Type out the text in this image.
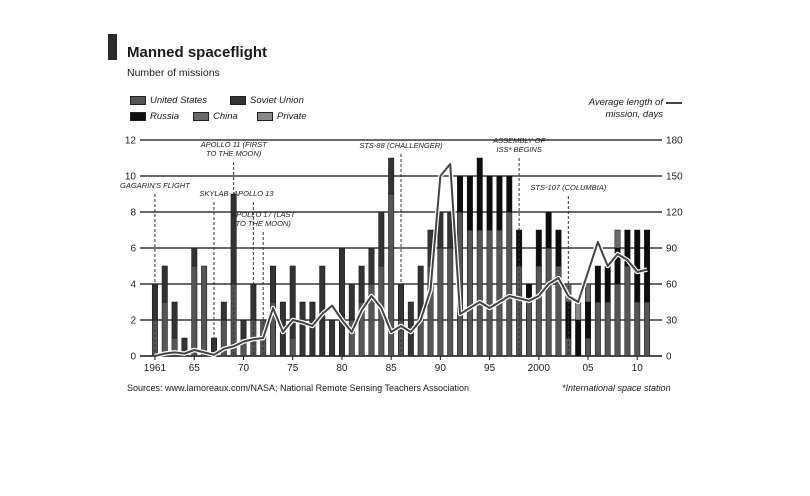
Manned spaceflight
Number of missions
United States	Soviet Union
Russia	China	Private
Average length of
mission, days
0
2
4
6
8
10
12
0
30
60
90
120
150
180
1961 65	70	75	80	85	90	95	2000	05	10
GAGARIN'S FLIGHT
SKYLAB
APOLLO 11 (FIRST TO THE MOON)
APOLLO 13
APOLLO 17 (LAST TO THE MOON)
STS-88 (CHALLENGER)
ASSEMBLY OF ISS* BEGINS
STS-107 (COLUMBIA)
Sources: www.lamoreaux.com/NASA; National Remote Sensing Teachers Association	*International space station
